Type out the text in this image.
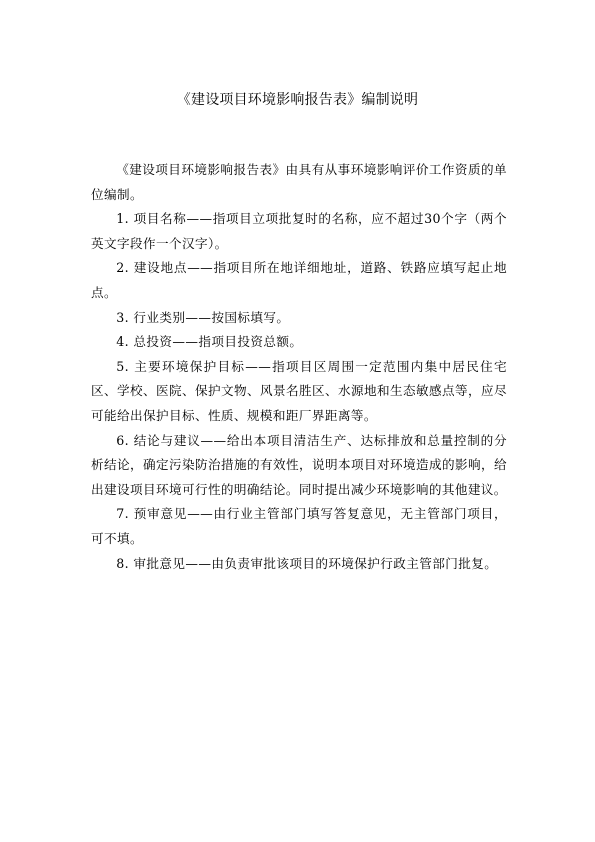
《建设项目环境影响报告表》编制说明

《建设项目环境影响报告表》由具有从事环境影响评价工作资质的单位编制。

1. 项目名称——指项目立项批复时的名称，应不超过30个字（两个英文字段作一个汉字）。

2. 建设地点——指项目所在地详细地址，道路、铁路应填写起止地点。

3. 行业类别——按国标填写。

4. 总投资——指项目投资总额。

5. 主要环境保护目标——指项目区周围一定范围内集中居民住宅区、学校、医院、保护文物、风景名胜区、水源地和生态敏感点等，应尽可能给出保护目标、性质、规模和距厂界距离等。

6. 结论与建议——给出本项目清洁生产、达标排放和总量控制的分析结论，确定污染防治措施的有效性，说明本项目对环境造成的影响，给出建设项目环境可行性的明确结论。同时提出减少环境影响的其他建议。

7. 预审意见——由行业主管部门填写答复意见，无主管部门项目，可不填。

8. 审批意见——由负责审批该项目的环境保护行政主管部门批复。
